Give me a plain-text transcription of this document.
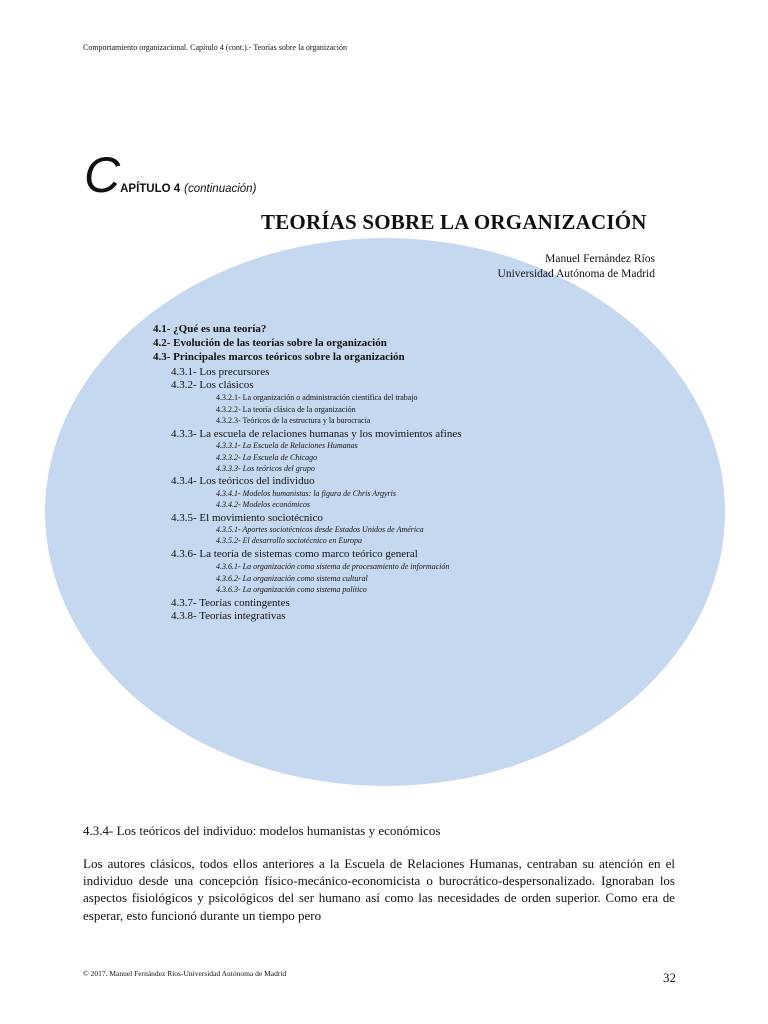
Comportamiento organizacional. Capítulo 4 (cont.).- Teorías sobre la organización
CAPÍTULO 4 (continuación)
TEORÍAS SOBRE LA ORGANIZACIÓN
Manuel Fernández Ríos
Universidad Autónoma de Madrid
4.1- ¿Qué es una teoría?
4.2- Evolución de las teorías sobre la organización
4.3- Principales marcos teóricos sobre la organización
4.3.1- Los precursores
4.3.2- Los clásicos
4.3.2.1- La organización o administración científica del trabajo
4.3.2.2- La teoría clásica de la organización
4.3.2.3- Teóricos de la estructura y la burocracia
4.3.3- La escuela de relaciones humanas y los movimientos afines
4.3.3.1- La Escuela de Relaciones Humanas
4.3.3.2- La Escuela de Chicago
4.3.3.3- Los teóricos del grupo
4.3.4- Los teóricos del individuo
4.3.4.1- Modelos humanistas: la figura de Chris Argyris
4.3.4.2- Modelos económicos
4.3.5- El movimiento sociotécnico
4.3.5.1- Aportes sociotécnicos desde Estados Unidos de América
4.3.5.2- El desarrollo sociotécnico en Europa
4.3.6- La teoría de sistemas como marco teórico general
4.3.6.1- La organización como sistema de procesamiento de información
4.3.6.2- La organización como sistema cultural
4.3.6.3- La organización como sistema político
4.3.7- Teorías contingentes
4.3.8- Teorías integrativas
4.3.4- Los teóricos del individuo: modelos humanistas y económicos
Los autores clásicos, todos ellos anteriores a la Escuela de Relaciones Humanas, centraban su atención en el individuo desde una concepción físico-mecánico-economicista o burocrático-despersonalizado. Ignoraban los aspectos fisiológicos y psicológicos del ser humano así como las necesidades de orden superior. Como era de esperar, esto funcionó durante un tiempo pero
© 2017. Manuel Fernández Ríos-Universidad Autónoma de Madrid	32
